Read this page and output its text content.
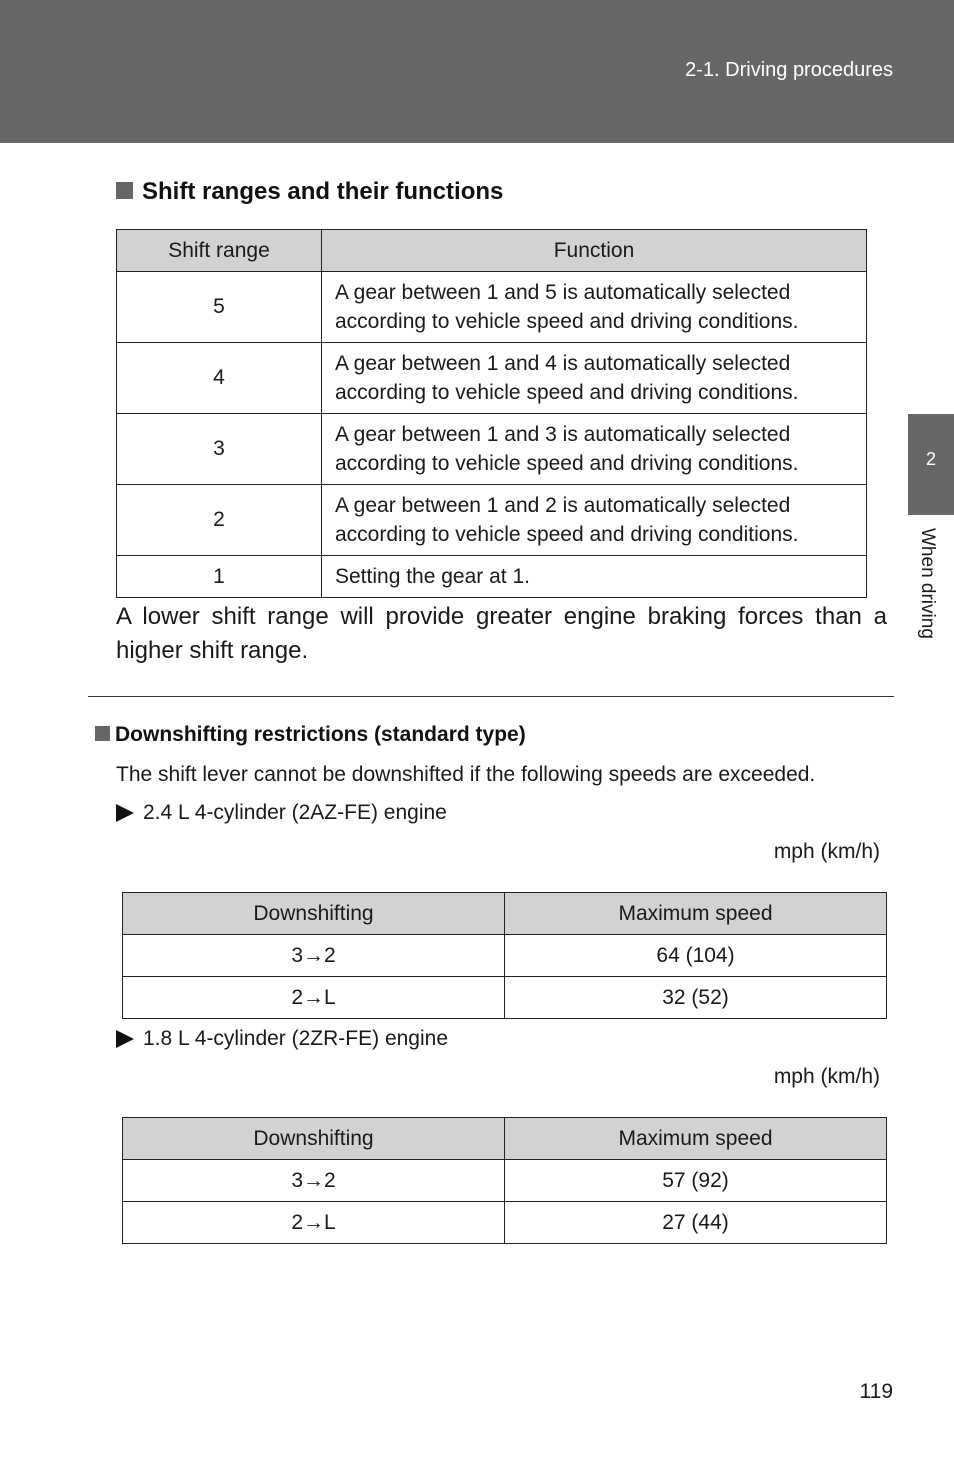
2-1. Driving procedures
2
When driving
Shift ranges and their functions
Shift range	Function
5	A gear between 1 and 5 is automatically selected according to vehicle speed and driving conditions.
4	A gear between 1 and 4 is automatically selected according to vehicle speed and driving conditions.
3	A gear between 1 and 3 is automatically selected according to vehicle speed and driving conditions.
2	A gear between 1 and 2 is automatically selected according to vehicle speed and driving conditions.
1	Setting the gear at 1.
A lower shift range will provide greater engine braking forces than a higher shift range.
Downshifting restrictions (standard type)
The shift lever cannot be downshifted if the following speeds are exceeded.
2.4 L 4-cylinder (2AZ-FE) engine
mph (km/h)
Downshifting	Maximum speed
3→2	64 (104)
2→L	32 (52)
1.8 L 4-cylinder (2ZR-FE) engine
mph (km/h)
Downshifting	Maximum speed
3→2	57 (92)
2→L	27 (44)
119
